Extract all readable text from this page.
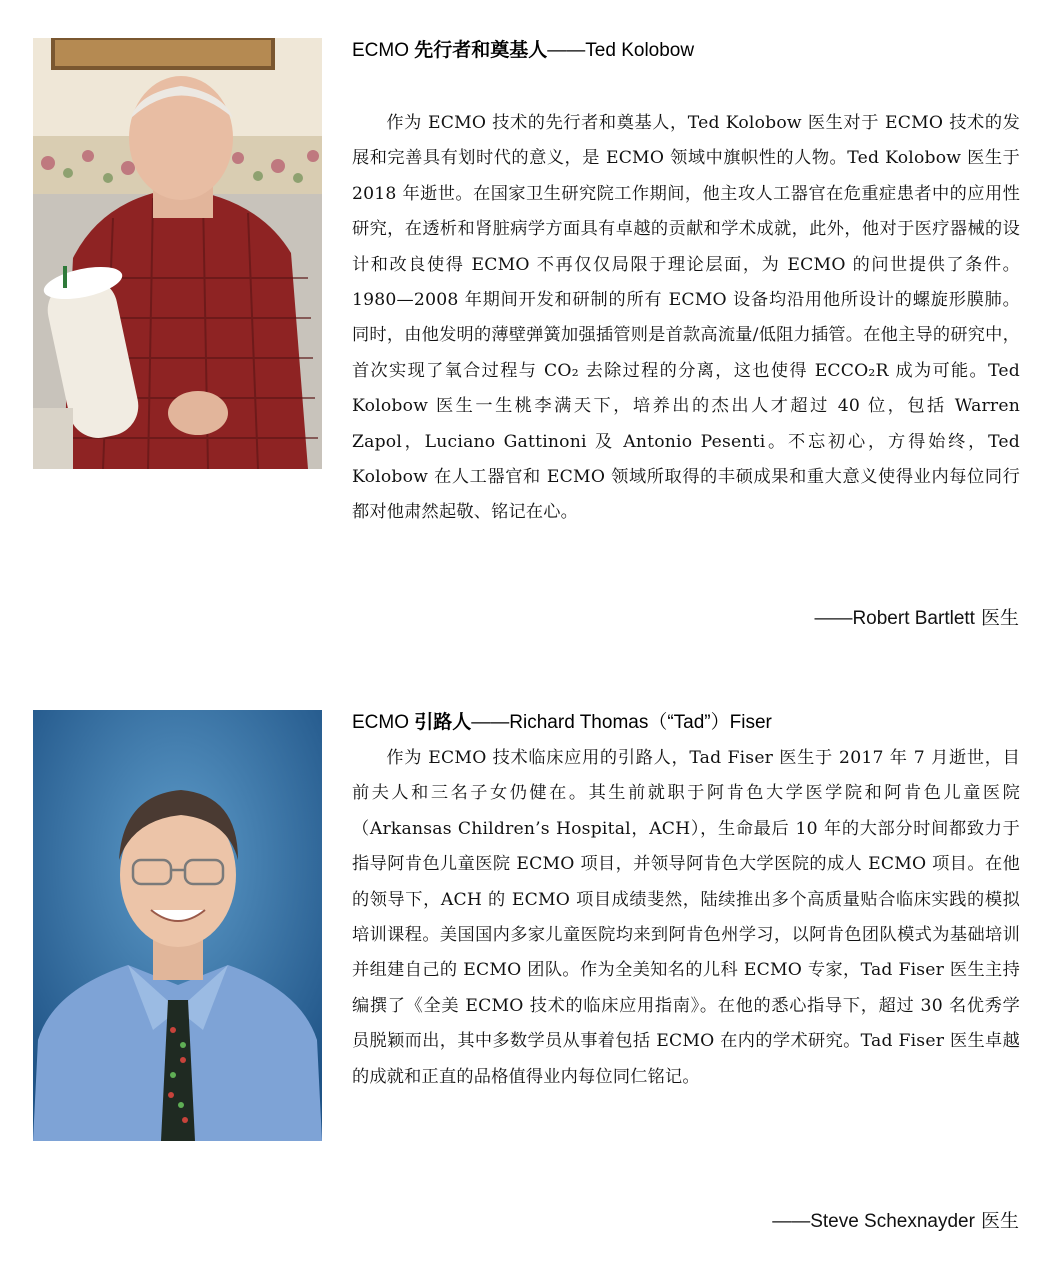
ECMO 先行者和奠基人——Ted Kolobow

作为 ECMO 技术的先行者和奠基人，Ted Kolobow 医生对于 ECMO 技术的发展和完善具有划时代的意义，是 ECMO 领域中旗帜性的人物。Ted Kolobow 医生于 2018 年逝世。在国家卫生研究院工作期间，他主攻人工器官在危重症患者中的应用性研究，在透析和肾脏病学方面具有卓越的贡献和学术成就，此外，他对于医疗器械的设计和改良使得 ECMO 不再仅仅局限于理论层面，为 ECMO 的问世提供了条件。1980—2008 年期间开发和研制的所有 ECMO 设备均沿用他所设计的螺旋形膜肺。同时，由他发明的薄壁弹簧加强插管则是首款高流量/低阻力插管。在他主导的研究中，首次实现了氧合过程与 CO₂ 去除过程的分离，这也使得 ECCO₂R 成为可能。Ted Kolobow 医生一生桃李满天下，培养出的杰出人才超过 40 位，包括 Warren Zapol，Luciano Gattinoni 及 Antonio Pesenti。不忘初心，方得始终，Ted Kolobow 在人工器官和 ECMO 领域所取得的丰硕成果和重大意义使得业内每位同行都对他肃然起敬、铭记在心。

——Robert Bartlett 医生
ECMO 引路人——Richard Thomas（“Tad”）Fiser

作为 ECMO 技术临床应用的引路人，Tad Fiser 医生于 2017 年 7 月逝世，目前夫人和三名子女仍健在。其生前就职于阿肯色大学医学院和阿肯色儿童医院（Arkansas Children’s Hospital，ACH），生命最后 10 年的大部分时间都致力于指导阿肯色儿童医院 ECMO 项目，并领导阿肯色大学医院的成人 ECMO 项目。在他的领导下，ACH 的 ECMO 项目成绩斐然，陆续推出多个高质量贴合临床实践的模拟培训课程。美国国内多家儿童医院均来到阿肯色州学习，以阿肯色团队模式为基础培训并组建自己的 ECMO 团队。作为全美知名的儿科 ECMO 专家，Tad Fiser 医生主持编撰了《全美 ECMO 技术的临床应用指南》。在他的悉心指导下，超过 30 名优秀学员脱颖而出，其中多数学员从事着包括 ECMO 在内的学术研究。Tad Fiser 医生卓越的成就和正直的品格值得业内每位同仁铭记。

——Steve Schexnayder 医生
